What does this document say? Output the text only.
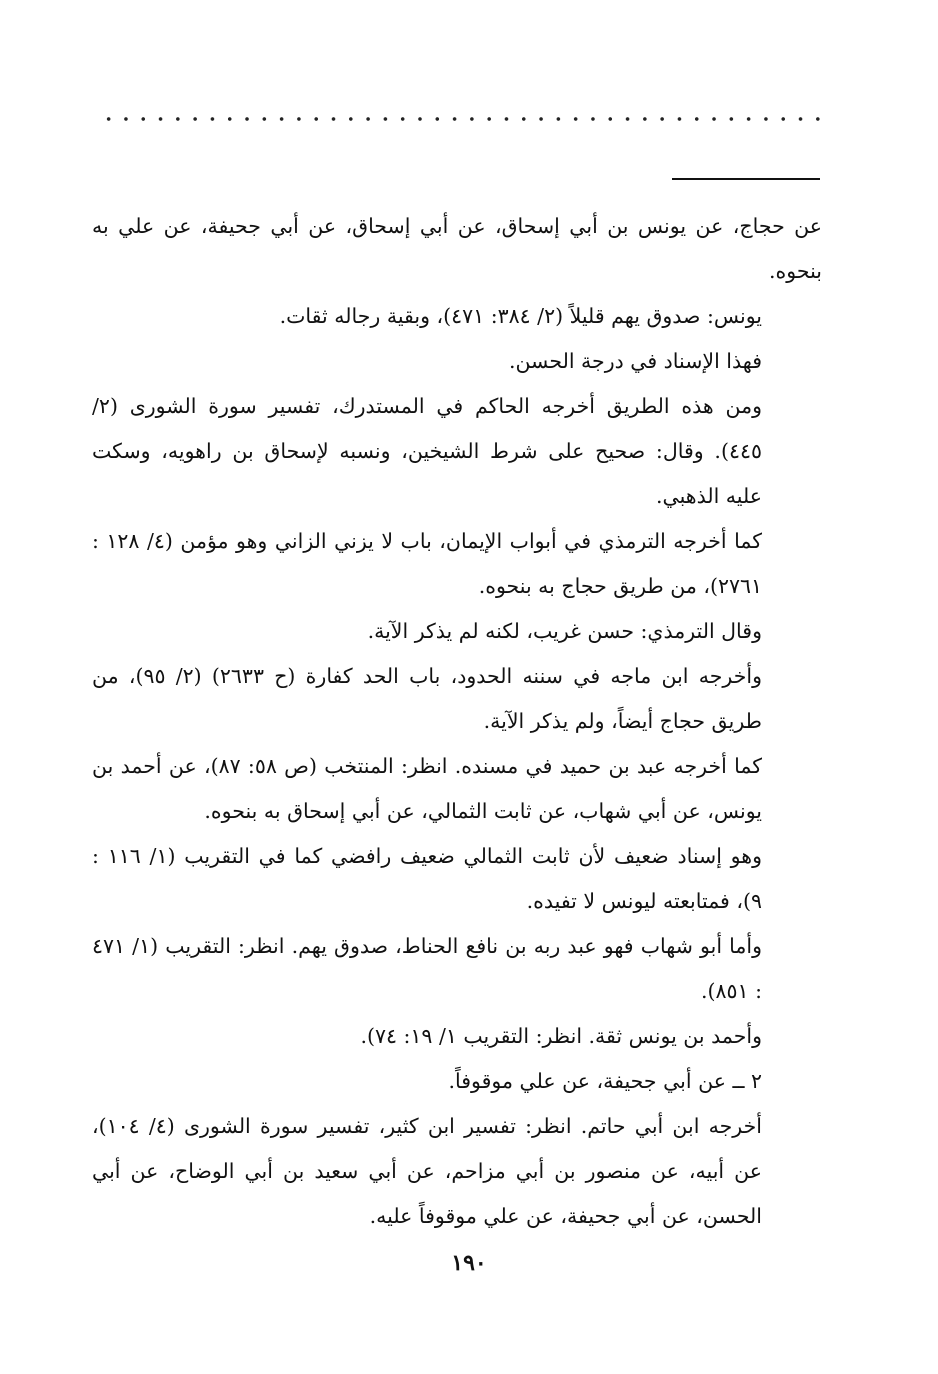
عن حجاج، عن يونس بن أبي إسحاق، عن أبي إسحاق، عن أبي جحيفة، عن علي به بنحوه.

يونس: صدوق يهم قليلاً (٢/ ٣٨٤: ٤٧١)، وبقية رجاله ثقات.

فهذا الإسناد في درجة الحسن.

ومن هذه الطريق أخرجه الحاكم في المستدرك، تفسير سورة الشورى (٢/ ٤٤٥). وقال: صحيح على شرط الشيخين، ونسبه لإسحاق بن راهويه، وسكت عليه الذهبي.

كما أخرجه الترمذي في أبواب الإيمان، باب لا يزني الزاني وهو مؤمن (٤/ ١٢٨ : ٢٧٦١)، من طريق حجاج به بنحوه.

وقال الترمذي: حسن غريب، لكنه لم يذكر الآية.

وأخرجه ابن ماجه في سننه الحدود، باب الحد كفارة (ح ٢٦٣٣) (٢/ ٩٥)، من طريق حجاج أيضاً، ولم يذكر الآية.

كما أخرجه عبد بن حميد في مسنده. انظر: المنتخب (ص ٥٨: ٨٧)، عن أحمد بن يونس، عن أبي شهاب، عن ثابت الثمالي، عن أبي إسحاق به بنحوه.

وهو إسناد ضعيف لأن ثابت الثمالي ضعيف رافضي كما في التقريب (١/ ١١٦ : ٩)، فمتابعته ليونس لا تفيده.

وأما أبو شهاب فهو عبد ربه بن نافع الحناط، صدوق يهم. انظر: التقريب (١/ ٤٧١ : ٨٥١).

وأحمد بن يونس ثقة. انظر: التقريب ١/ ١٩: ٧٤).

٢ ــ عن أبي جحيفة، عن علي موقوفاً.

أخرجه ابن أبي حاتم. انظر: تفسير ابن كثير، تفسير سورة الشورى (٤/ ١٠٤)، عن أبيه، عن منصور بن أبي مزاحم، عن أبي سعيد بن أبي الوضاح، عن أبي الحسن، عن أبي جحيفة، عن علي موقوفاً عليه.

١٩٠
